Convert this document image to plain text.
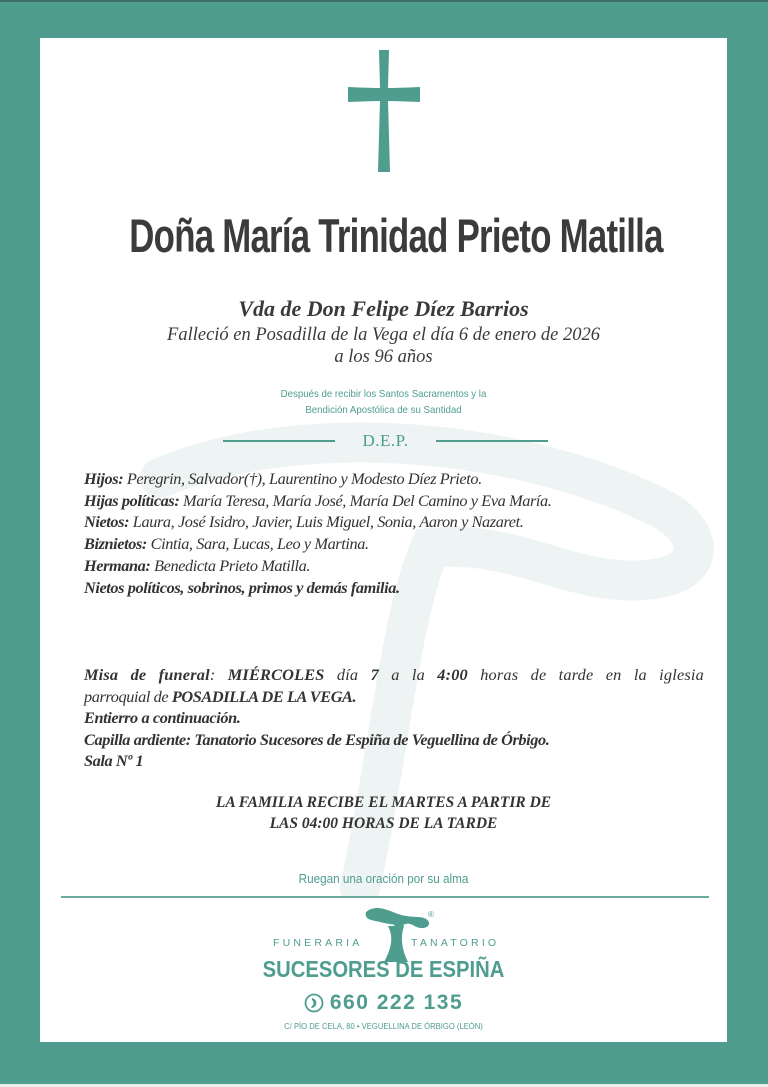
Doña María Trinidad Prieto Matilla
Vda de Don Felipe Díez Barrios
Falleció en Posadilla de la Vega el día 6 de enero de 2026
a los 96 años
Después de recibir los Santos Sacramentos y la
Bendición Apostólica de su Santidad
D.E.P.
Hijos: Peregrin, Salvador(†), Laurentino y Modesto Díez Prieto.
Hijas políticas: María Teresa, María José, María Del Camino y Eva María.
Nietos: Laura, José Isidro, Javier, Luis Miguel, Sonia, Aaron y Nazaret.
Biznietos: Cintia, Sara, Lucas, Leo y Martina.
Hermana: Benedicta Prieto Matilla.
Nietos políticos, sobrinos, primos y demás familia.
Misa de funeral: MIÉRCOLES día 7 a la 4:00 horas de tarde en la iglesia
parroquial de POSADILLA DE LA VEGA.
Entierro a continuación.
Capilla ardiente: Tanatorio Sucesores de Espiña de Veguellina de Órbigo.
Sala Nº 1
LA FAMILIA RECIBE EL MARTES A PARTIR DE
LAS 04:00 HORAS DE LA TARDE
Ruegan una oración por su alma
®
FUNERARIA	TANATORIO
SUCESORES DE ESPIÑA
660 222 135
C/ PÍO DE CELA, 80 • VEGUELLINA DE ÓRBIGO (LEÓN)
